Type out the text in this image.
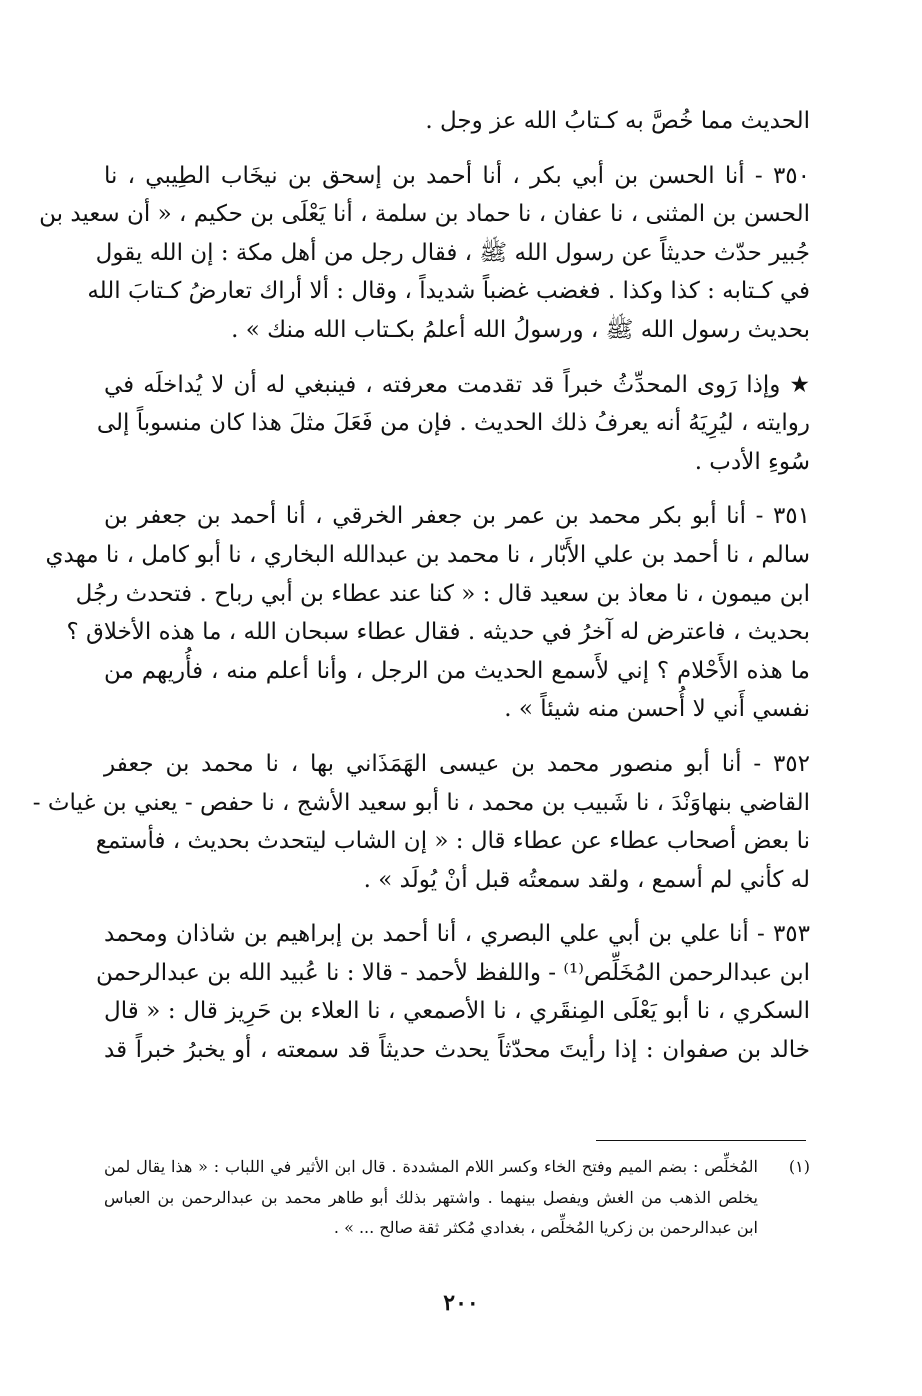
الحديث مما خُصَّ به كـتابُ الله عز وجل .

٣٥٠ - أنا الحسن بن أبي بكر ، أنا أحمد بن إسحق بن نيخَاب الطِيبي ، نا
الحسن بن المثنى ، نا عفان ، نا حماد بن سلمة ، أنا يَعْلَى بن حكيم ، « أن سعيد بن
جُبير حدّث حديثاً عن رسول الله ﷺ ، فقال رجل من أهل مكة : إن الله يقول
في كـتابه : كذا وكذا . فغضب غضباً شديداً ، وقال : ألا أراك تعارضُ كـتابَ الله
بحديث رسول الله ﷺ ، ورسولُ الله أعلمُ بكـتاب الله منك » .

★ وإذا رَوى المحدِّثُ خبراً قد تقدمت معرفته ، فينبغي له أن لا يُداخلَه في
روايته ، ليُرِيَهُ أنه يعرفُ ذلك الحديث . فإن من فَعَلَ مثلَ هذا كان منسوباً إلى
سُوءِ الأدب .

٣٥١ - أنا أبو بكر محمد بن عمر بن جعفر الخرقي ، أنا أحمد بن جعفر بن
سالم ، نا أحمد بن علي الأَبّار ، نا محمد بن عبدالله البخاري ، نا أبو كامل ، نا مهدي
ابن ميمون ، نا معاذ بن سعيد قال : « كنا عند عطاء بن أبي رباح . فتحدث رجُل
بحديث ، فاعترض له آخرُ في حديثه . فقال عطاء سبحان الله ، ما هذه الأخلاق ؟
ما هذه الأَحْلام ؟ إني لأَسمع الحديث من الرجل ، وأنا أعلم منه ، فأُريهم من
نفسي أَني لا أُحسن منه شيئاً » .

٣٥٢ - أنا أبو منصور محمد بن عيسى الهَمَذَاني بها ، نا محمد بن جعفر
القاضي بنهاوَنْدَ ، نا شَبيب بن محمد ، نا أبو سعيد الأشج ، نا حفص - يعني بن غياث -
نا بعض أصحاب عطاء عن عطاء قال : « إن الشاب ليتحدث بحديث ، فأستمع
له كأني لم أسمع ، ولقد سمعتُه قبل أنْ يُولَد » .

٣٥٣ - أنا علي بن أبي علي البصري ، أنا أحمد بن إبراهيم بن شاذان ومحمد
ابن عبدالرحمن المُخَلِّص⁽¹⁾ - واللفظ لأحمد - قالا : نا عُبيد الله بن عبدالرحمن
السكري ، نا أبو يَعْلَى المِنقَري ، نا الأصمعي ، نا العلاء بن حَرِيز قال : « قال
خالد بن صفوان : إذا رأيتَ محدّثاً يحدث حديثاً قد سمعته ، أو يخبرُ خبراً قد

(١)
المُخلِّص : بضم الميم وفتح الخاء وكسر اللام المشددة . قال ابن الأثير في اللباب : « هذا يقال لمن
يخلص الذهب من الغش ويفصل بينهما . واشتهر بذلك أبو طاهر محمد بن عبدالرحمن بن العباس
ابن عبدالرحمن بن زكريا المُخلِّص ، بغدادي مُكثر ثقة صالح ... » .
٢٠٠
